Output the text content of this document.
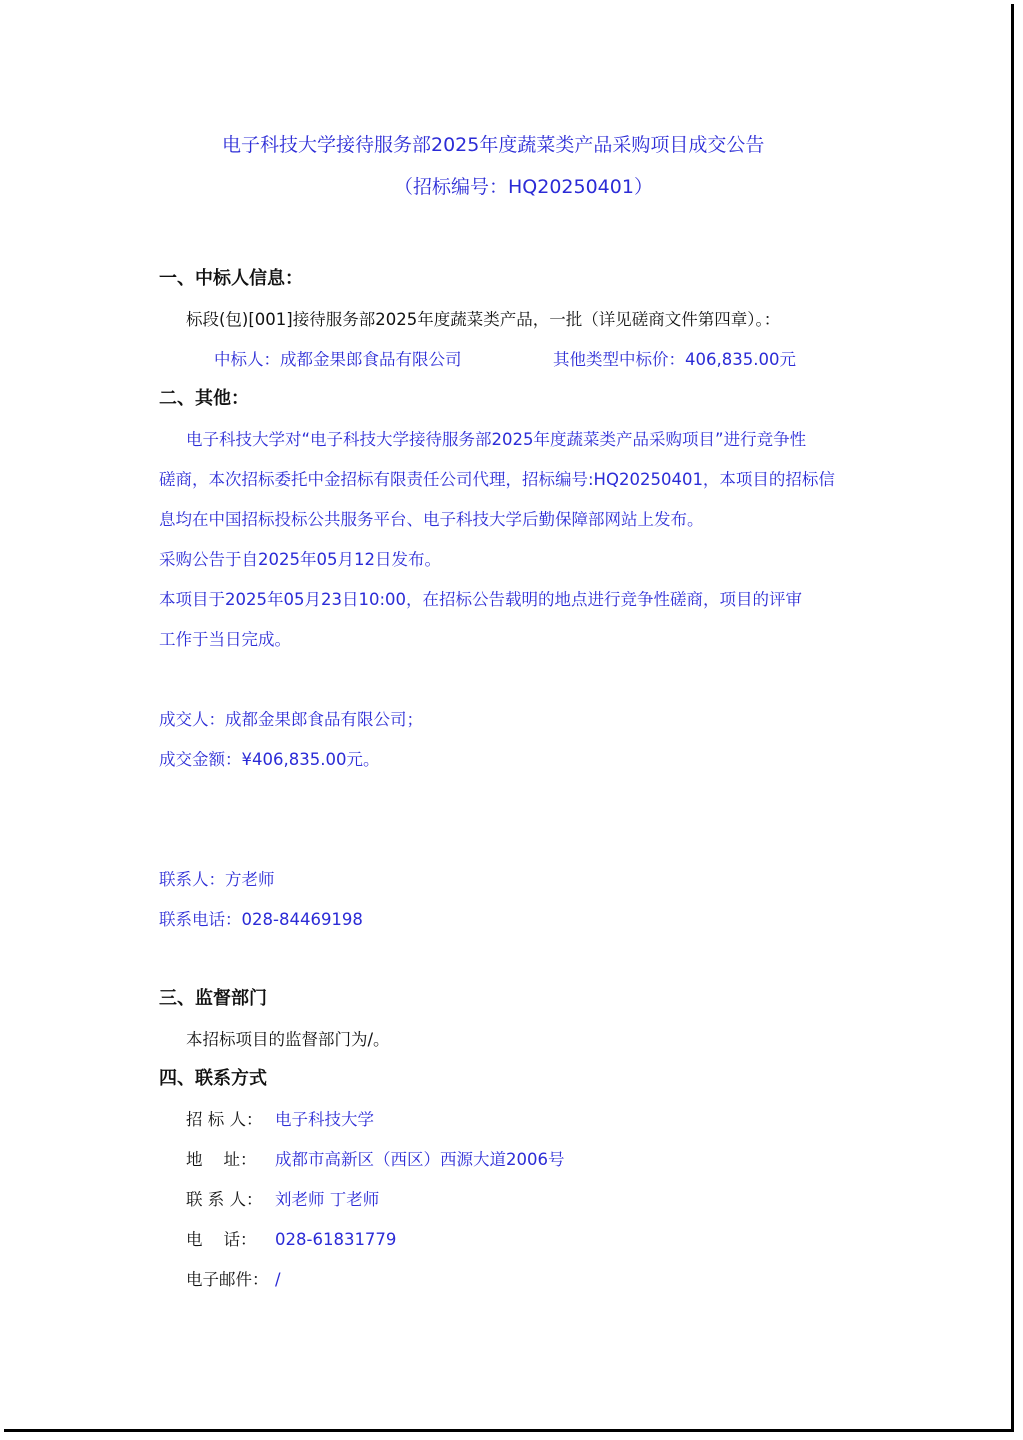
电子科技大学接待服务部2025年度蔬菜类产品采购项目成交公告
（招标编号：HQ20250401）
一、中标人信息：
标段(包)[001]接待服务部2025年度蔬菜类产品，一批（详见磋商文件第四章）。：
中标人：成都金果郎食品有限公司	其他类型中标价：406,835.00元
二、其他：
电子科技大学对“电子科技大学接待服务部2025年度蔬菜类产品采购项目”进行竞争性
磋商，本次招标委托中金招标有限责任公司代理，招标编号:HQ20250401，本项目的招标信
息均在中国招标投标公共服务平台、电子科技大学后勤保障部网站上发布。
采购公告于自2025年05月12日发布。
本项目于2025年05月23日10:00，在招标公告载明的地点进行竞争性磋商，项目的评审
工作于当日完成。
成交人：成都金果郎食品有限公司；
成交金额：¥406,835.00元。
联系人：方老师
联系电话：028-84469198
三、监督部门
本招标项目的监督部门为/。
四、联系方式
招 标 人： 电子科技大学
地    址： 成都市高新区（西区）西源大道2006号
联 系 人： 刘老师 丁老师
电    话： 028-61831779
电子邮件： /
